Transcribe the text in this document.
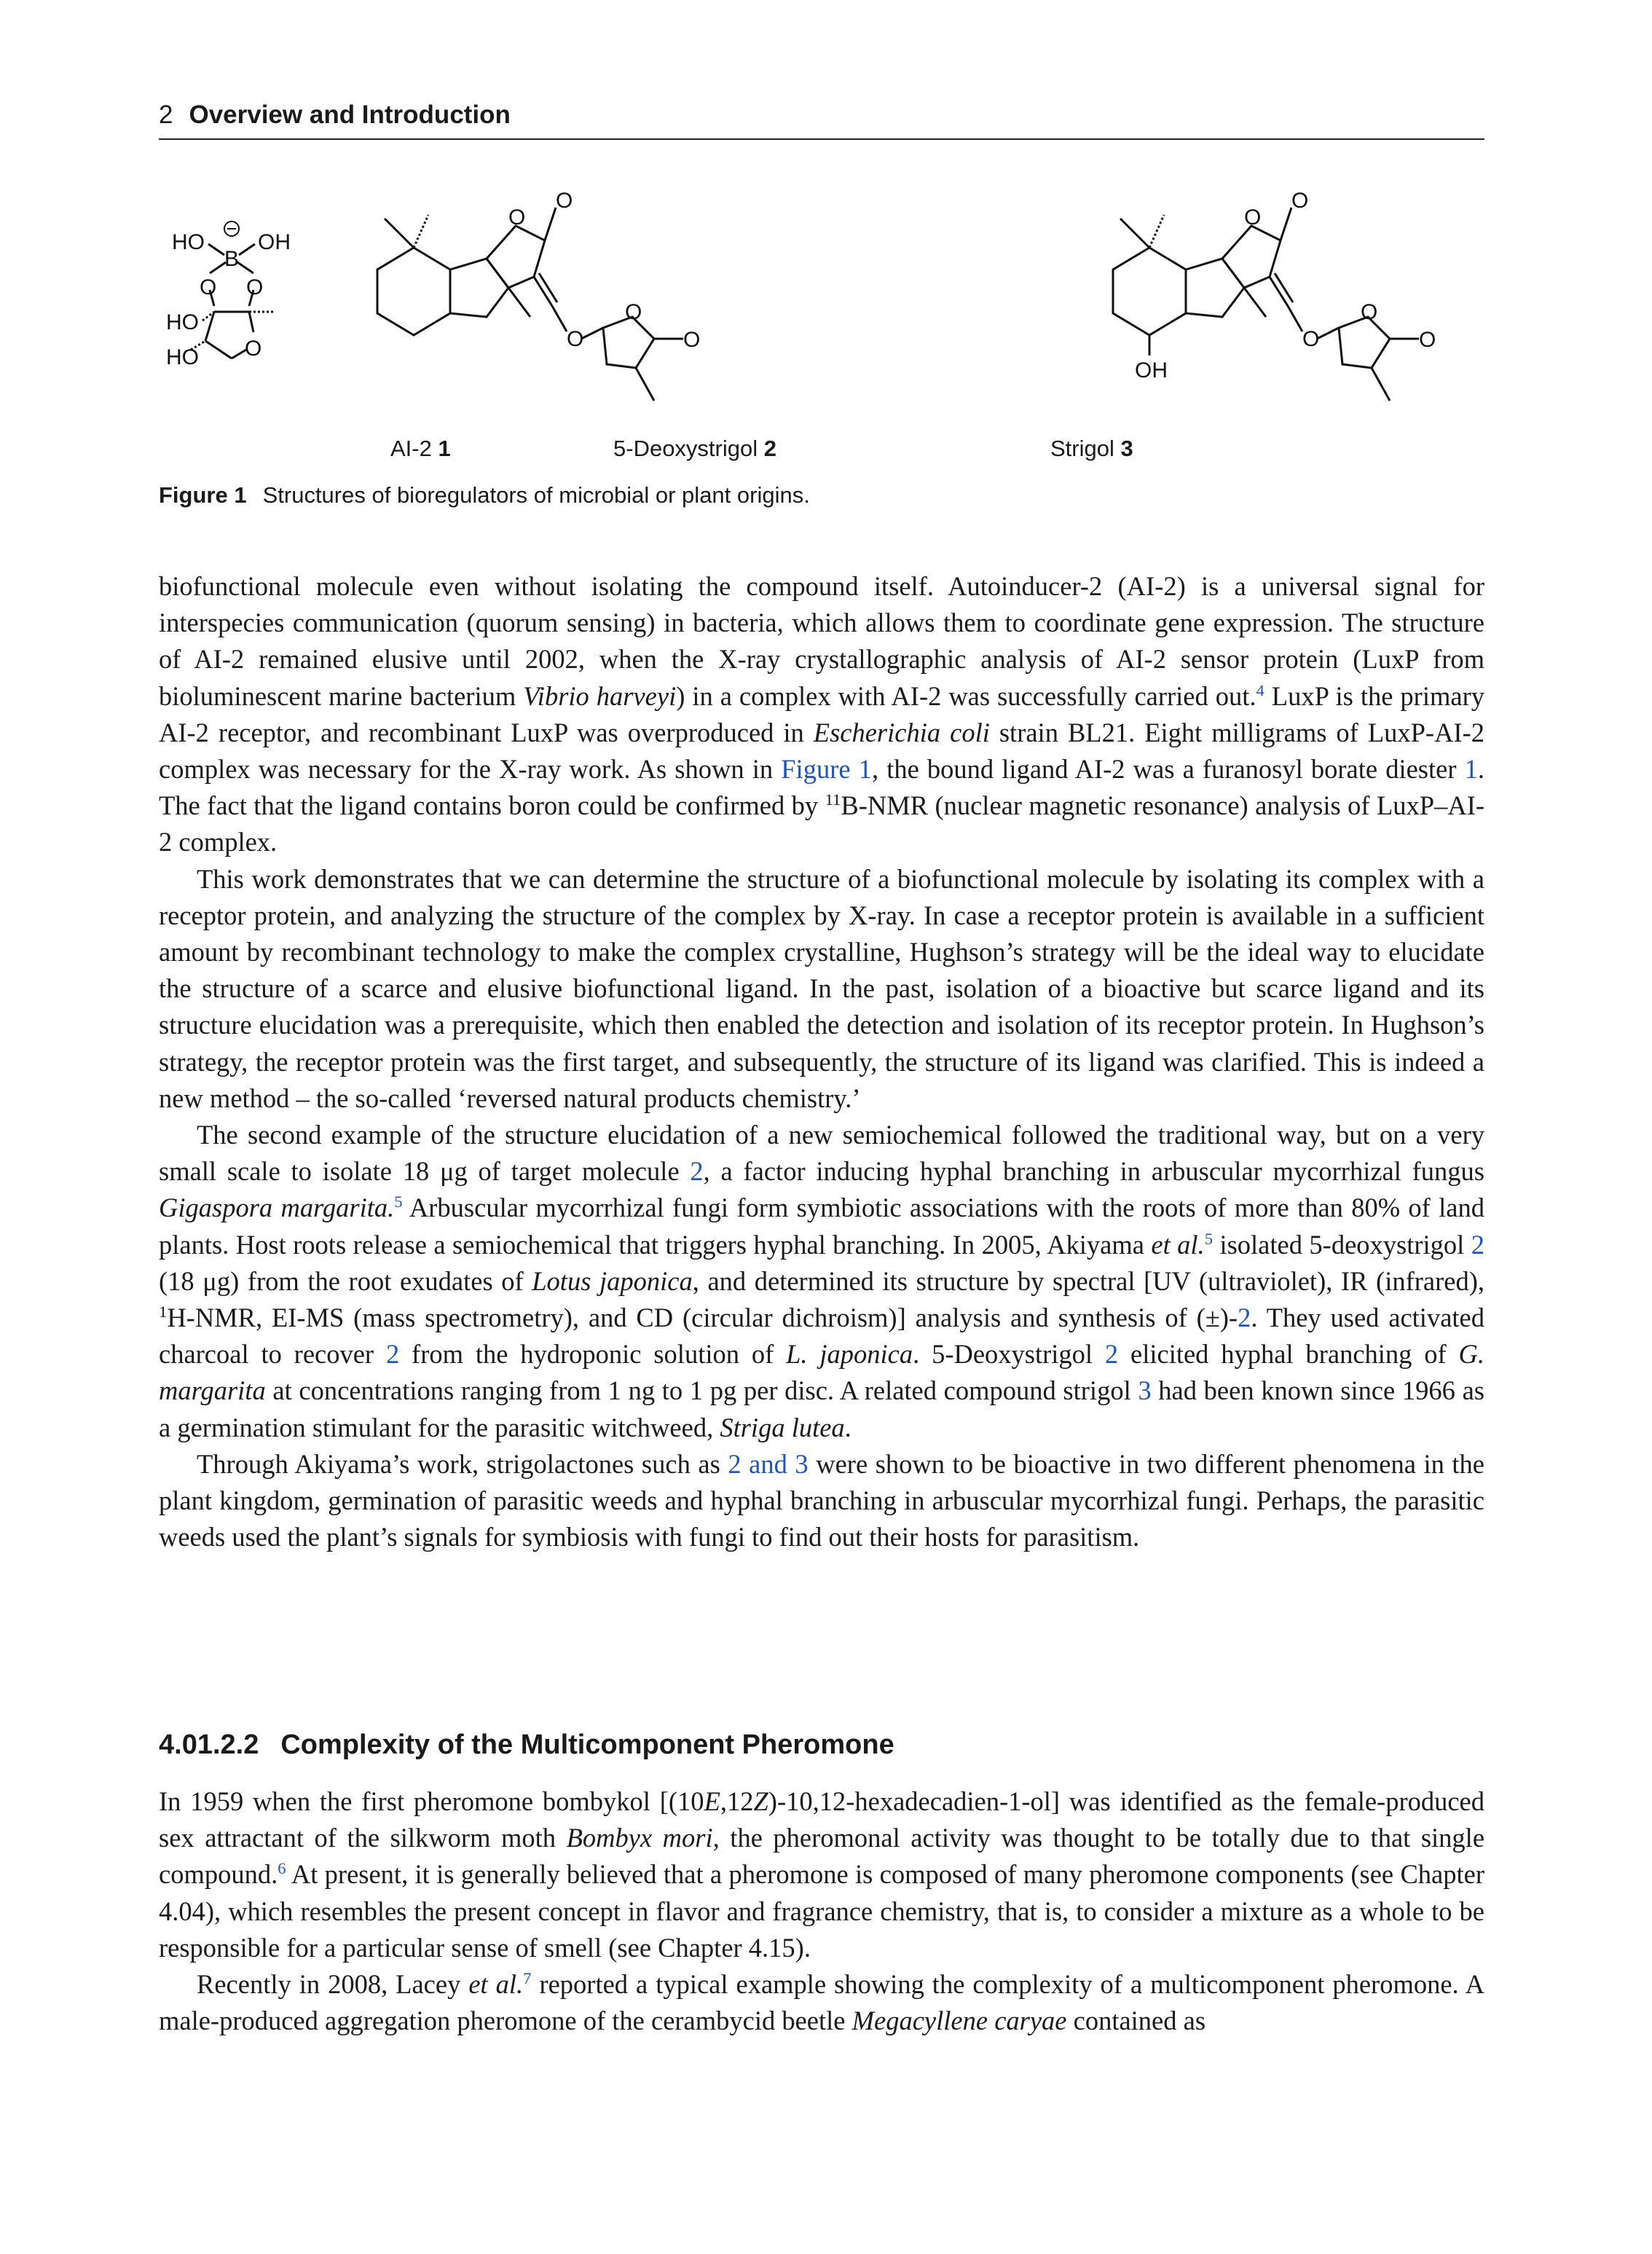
2 Overview and Introduction
HO OH
B
O O
HO
HO O
O
O
O
O
O
O
O
O
O
O
OH
AI-2 1	5-Deoxystrigol 2	Strigol 3
Figure 1 Structures of bioregulators of microbial or plant origins.

biofunctional molecule even without isolating the compound itself. Autoinducer-2 (AI-2) is a universal signal for interspecies communication (quorum sensing) in bacteria, which allows them to coordinate gene expression. The structure of AI-2 remained elusive until 2002, when the X-ray crystallographic analysis of AI-2 sensor protein (LuxP from bioluminescent marine bacterium Vibrio harveyi) in a complex with AI-2 was successfully carried out.$^4$ LuxP is the primary AI-2 receptor, and recombinant LuxP was overproduced in Escherichia coli strain BL21. Eight milligrams of LuxP-AI-2 complex was necessary for the X-ray work. As shown in Figure 1, the bound ligand AI-2 was a furanosyl borate diester 1. The fact that the ligand contains boron could be confirmed by $^{11}$B-NMR (nuclear magnetic resonance) analysis of LuxP–AI-2 complex.

This work demonstrates that we can determine the structure of a biofunctional molecule by isolating its complex with a receptor protein, and analyzing the structure of the complex by X-ray. In case a receptor protein is available in a sufficient amount by recombinant technology to make the complex crystalline, Hughson’s strategy will be the ideal way to elucidate the structure of a scarce and elusive biofunctional ligand. In the past, isolation of a bioactive but scarce ligand and its structure elucidation was a prerequisite, which then enabled the detection and isolation of its receptor protein. In Hughson’s strategy, the receptor protein was the first target, and subsequently, the structure of its ligand was clarified. This is indeed a new method – the so-called ‘reversed natural products chemistry.’

The second example of the structure elucidation of a new semiochemical followed the traditional way, but on a very small scale to isolate 18 μg of target molecule 2, a factor inducing hyphal branching in arbuscular mycorrhizal fungus Gigaspora margarita.$^5$ Arbuscular mycorrhizal fungi form symbiotic associations with the roots of more than 80% of land plants. Host roots release a semiochemical that triggers hyphal branching. In 2005, Akiyama et al.$^5$ isolated 5-deoxystrigol 2 (18 μg) from the root exudates of Lotus japonica, and determined its structure by spectral [UV (ultraviolet), IR (infrared), $^1$H-NMR, EI-MS (mass spectrometry), and CD (circular dichroism)] analysis and synthesis of (±)-2. They used activated charcoal to recover 2 from the hydroponic solution of L. japonica. 5-Deoxystrigol 2 elicited hyphal branching of G. margarita at concentrations ranging from 1 ng to 1 pg per disc. A related compound strigol 3 had been known since 1966 as a germination stimulant for the parasitic witchweed, Striga lutea.

Through Akiyama’s work, strigolactones such as 2 and 3 were shown to be bioactive in two different phenomena in the plant kingdom, germination of parasitic weeds and hyphal branching in arbuscular mycorrhizal fungi. Perhaps, the parasitic weeds used the plant’s signals for symbiosis with fungi to find out their hosts for parasitism.

4.01.2.2 Complexity of the Multicomponent Pheromone

In 1959 when the first pheromone bombykol [(10E,12Z)-10,12-hexadecadien-1-ol] was identified as the female-produced sex attractant of the silkworm moth Bombyx mori, the pheromonal activity was thought to be totally due to that single compound.$^6$ At present, it is generally believed that a pheromone is composed of many pheromone components (see Chapter 4.04), which resembles the present concept in flavor and fragrance chemistry, that is, to consider a mixture as a whole to be responsible for a particular sense of smell (see Chapter 4.15).

Recently in 2008, Lacey et al.$^7$ reported a typical example showing the complexity of a multicomponent pheromone. A male-produced aggregation pheromone of the cerambycid beetle Megacyllene caryae contained as
